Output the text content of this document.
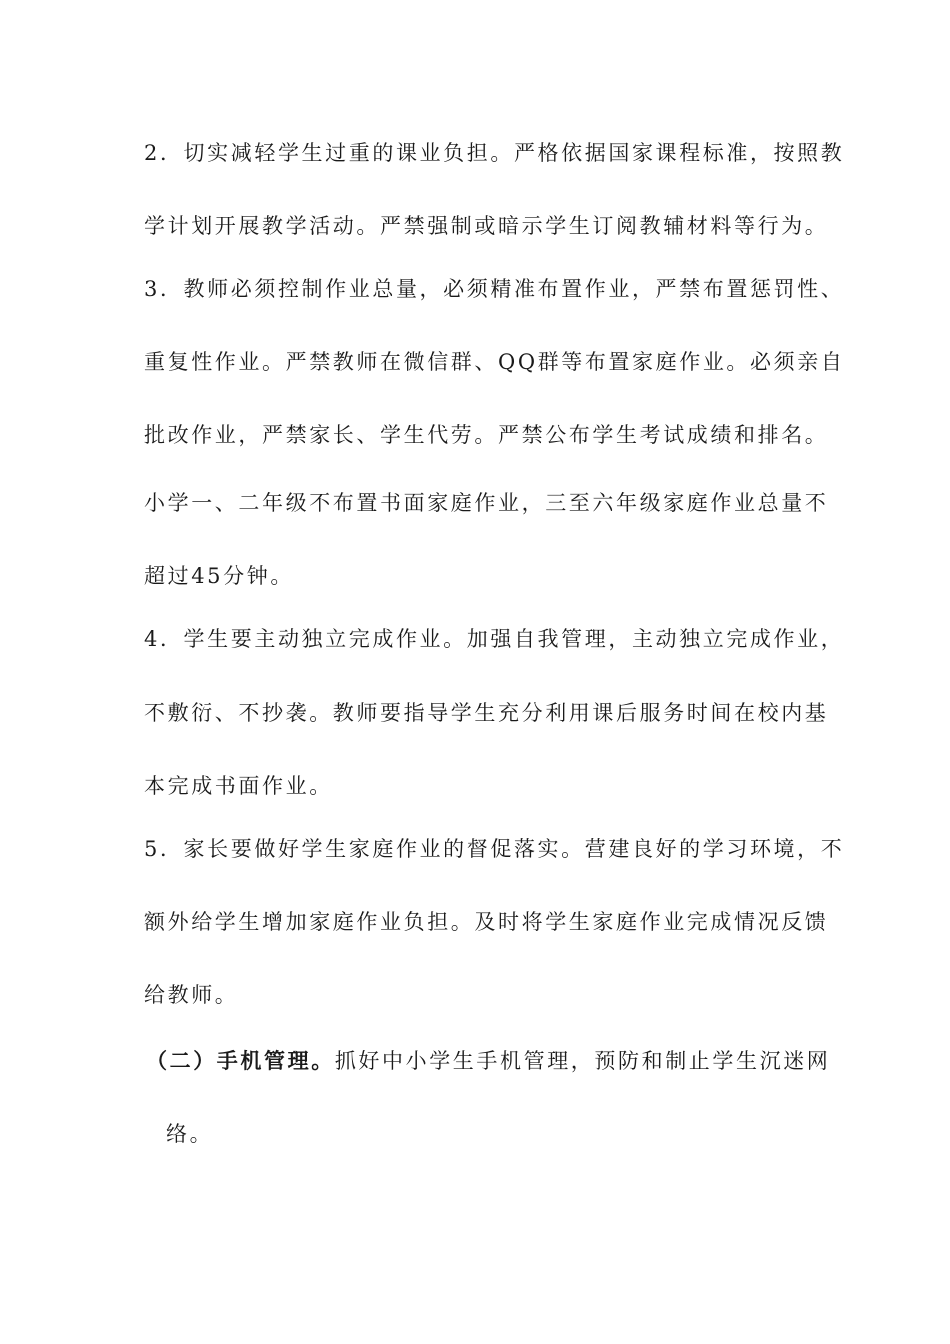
2．切实减轻学生过重的课业负担。严格依据国家课程标准，按照教
学计划开展教学活动。严禁强制或暗示学生订阅教辅材料等行为。
3．教师必须控制作业总量，必须精准布置作业，严禁布置惩罚性、
重复性作业。严禁教师在微信群、QQ群等布置家庭作业。必须亲自
批改作业，严禁家长、学生代劳。严禁公布学生考试成绩和排名。
小学一、二年级不布置书面家庭作业，三至六年级家庭作业总量不
超过45分钟。
4．学生要主动独立完成作业。加强自我管理，主动独立完成作业，
不敷衍、不抄袭。教师要指导学生充分利用课后服务时间在校内基
本完成书面作业。
5．家长要做好学生家庭作业的督促落实。营建良好的学习环境，不
额外给学生增加家庭作业负担。及时将学生家庭作业完成情况反馈
给教师。
（二）手机管理。抓好中小学生手机管理，预防和制止学生沉迷网
络。
